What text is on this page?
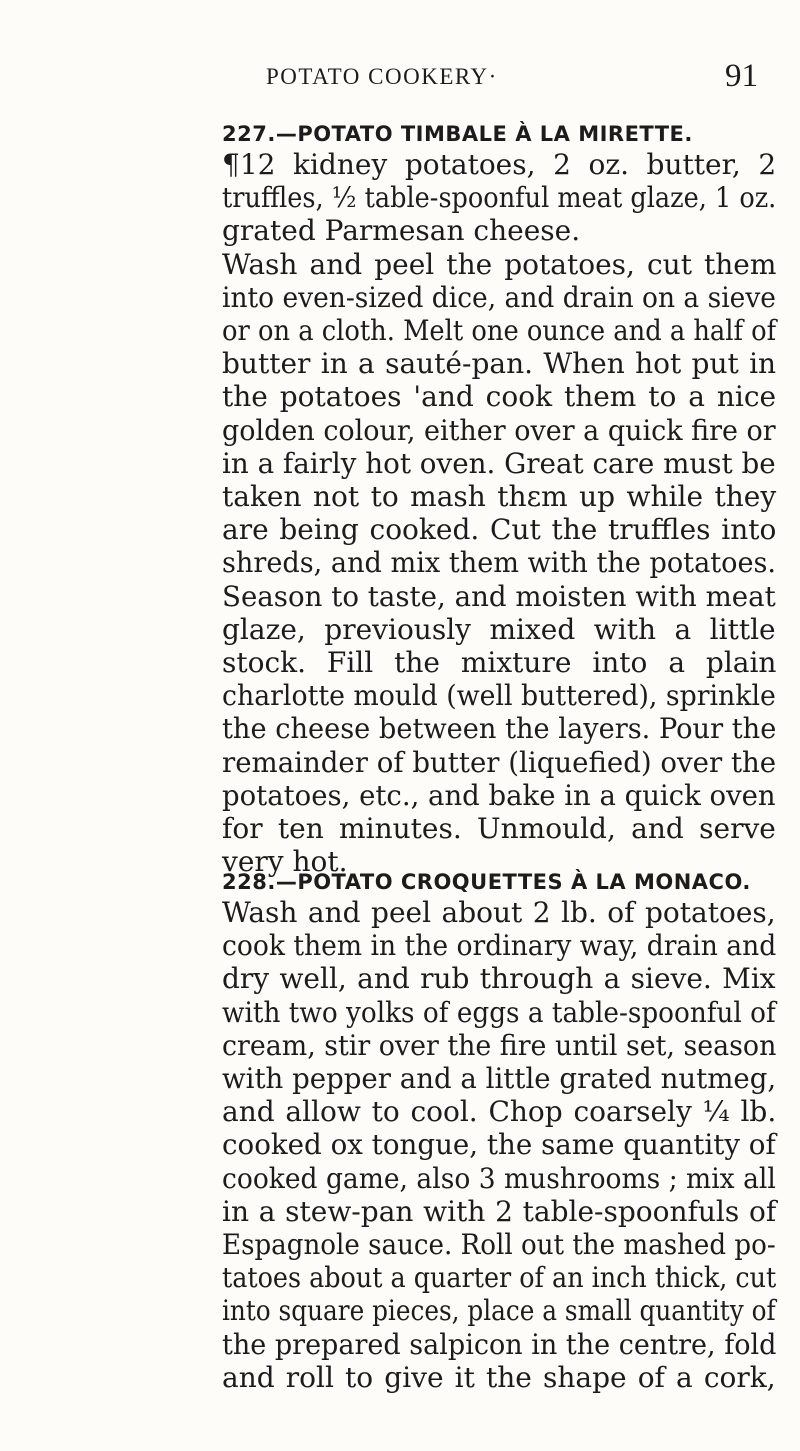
POTATO COOKERY·	91
227.—POTATO TIMBALE À LA MIRETTE.
¶12 kidney potatoes, 2 oz. butter, 2
truffles, ½ table-spoonful meat glaze, 1 oz.
grated Parmesan cheese.
Wash and peel the potatoes, cut them
into even-sized dice, and drain on a sieve
or on a cloth. Melt one ounce and a half of
butter in a sauté-pan. When hot put in
the potatoes 'and cook them to a nice
golden colour, either over a quick fire or
in a fairly hot oven. Great care must be
taken not to mash thεm up while they
are being cooked. Cut the truffles into
shreds, and mix them with the potatoes.
Season to taste, and moisten with meat
glaze, previously mixed with a little
stock. Fill the mixture into a plain
charlotte mould (well buttered), sprinkle
the cheese between the layers. Pour the
remainder of butter (liquefied) over the
potatoes, etc., and bake in a quick oven
for ten minutes. Unmould, and serve
very hot.
228.—POTATO CROQUETTES À LA MONACO.
Wash and peel about 2 lb. of potatoes,
cook them in the ordinary way, drain and
dry well, and rub through a sieve. Mix
with two yolks of eggs a table-spoonful of
cream, stir over the fire until set, season
with pepper and a little grated nutmeg,
and allow to cool. Chop coarsely ¼ lb.
cooked ox tongue, the same quantity of
cooked game, also 3 mushrooms ; mix all
in a stew-pan with 2 table-spoonfuls of
Espagnole sauce. Roll out the mashed po-
tatoes about a quarter of an inch thick, cut
into square pieces, place a small quantity of
the prepared salpicon in the centre, fold
and roll to give it the shape of a cork,
